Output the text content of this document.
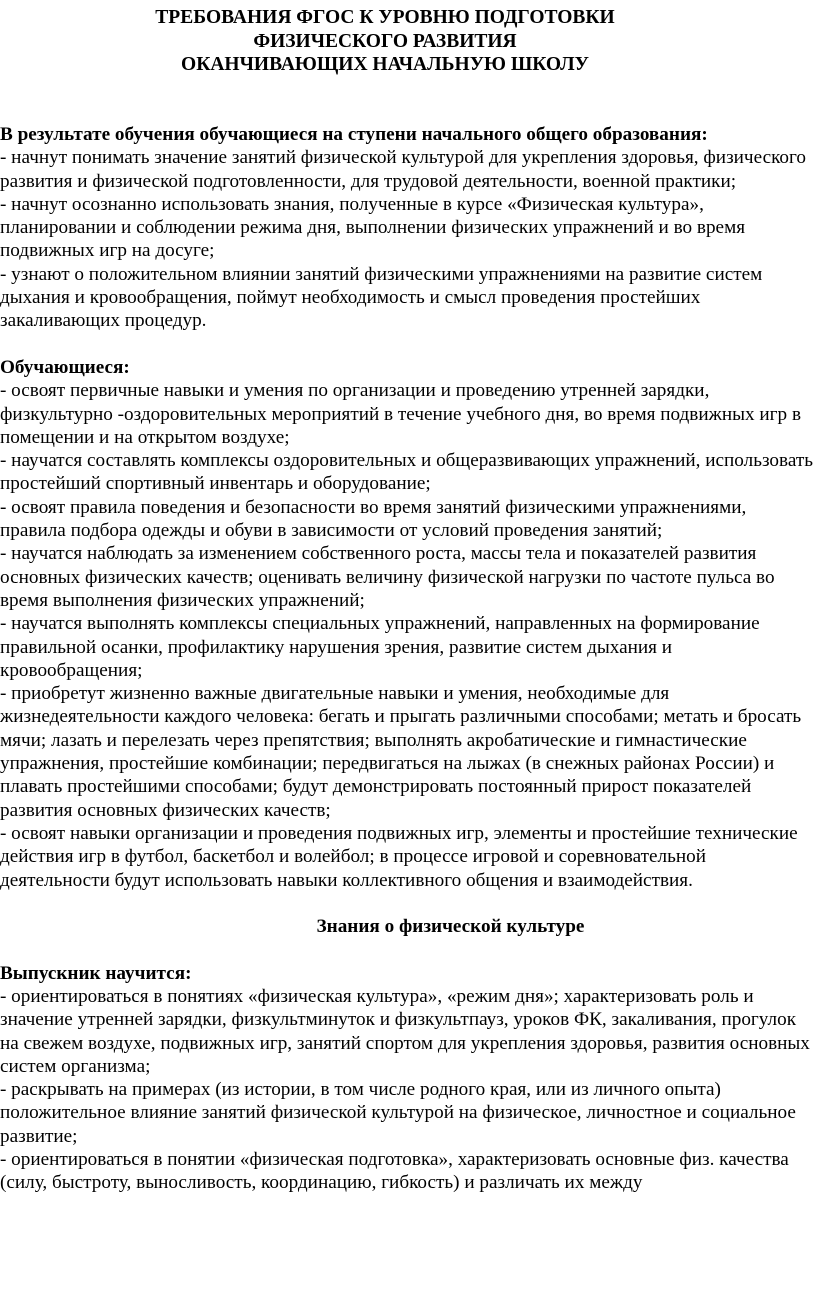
ТРЕБОВАНИЯ ФГОС К УРОВНЮ ПОДГОТОВКИ
ФИЗИЧЕСКОГО РАЗВИТИЯ
ОКАНЧИВАЮЩИХ НАЧАЛЬНУЮ ШКОЛУ

В результате обучения обучающиеся на ступени начального общего образования:

- начнут понимать значение занятий физической культурой для укрепления здоровья, физического развития и физической подготовленности, для трудовой деятельности, военной практики;

- начнут осознанно использовать знания, полученные в курсе «Физическая культура», планировании и соблюдении режима дня, выполнении физических упражнений и во время подвижных игр на досуге;

- узнают о положительном влиянии занятий физическими упражнениями на развитие систем дыхания и кровообращения, поймут необходимость и смысл проведения простейших закаливающих процедур.

Обучающиеся:

- освоят первичные навыки и умения по организации и проведению утренней зарядки, физкультурно -оздоровительных мероприятий в течение учебного дня, во время подвижных игр в помещении и на открытом воздухе;

- научатся составлять комплексы оздоровительных и общеразвивающих упражнений, использовать простейший спортивный инвентарь и оборудование;

- освоят правила поведения и безопасности во время занятий физическими упражнениями, правила подбора одежды и обуви в зависимости от условий проведения занятий;

- научатся наблюдать за изменением собственного роста, массы тела и показателей развития основных физических качеств; оценивать величину физической нагрузки по частоте пульса во время выполнения физических упражнений;

- научатся выполнять комплексы специальных упражнений, направленных на формирование правильной осанки, профилактику нарушения зрения, развитие систем дыхания и кровообращения;

- приобретут жизненно важные двигательные навыки и умения, необходимые для жизнедеятельности каждого человека: бегать и прыгать различными способами; метать и бросать мячи; лазать и перелезать через препятствия; выполнять акробатические и гимнастические упражнения, простейшие комбинации; передвигаться на лыжах (в снежных районах России) и плавать простейшими способами; будут демонстрировать постоянный прирост показателей развития основных физических качеств;

- освоят навыки организации и проведения подвижных игр, элементы и простейшие технические действия игр в футбол, баскетбол и волейбол; в процессе игровой и соревновательной деятельности будут использовать навыки коллективного общения и взаимодействия.

Знания о физической культуре

Выпускник научится:

- ориентироваться в понятиях «физическая культура», «режим дня»; характеризовать роль и значение утренней зарядки, физкультминуток и физкультпауз, уроков ФК, закаливания, прогулок на свежем воздухе, подвижных игр, занятий спортом для укрепления здоровья, развития основных систем организма;

- раскрывать на примерах (из истории, в том числе родного края, или из личного опыта) положительное влияние занятий физической культурой на физическое, личностное и социальное развитие;

- ориентироваться в понятии «физическая подготовка», характеризовать основные физ. качества (силу, быстроту, выносливость, координацию, гибкость) и различать их между
